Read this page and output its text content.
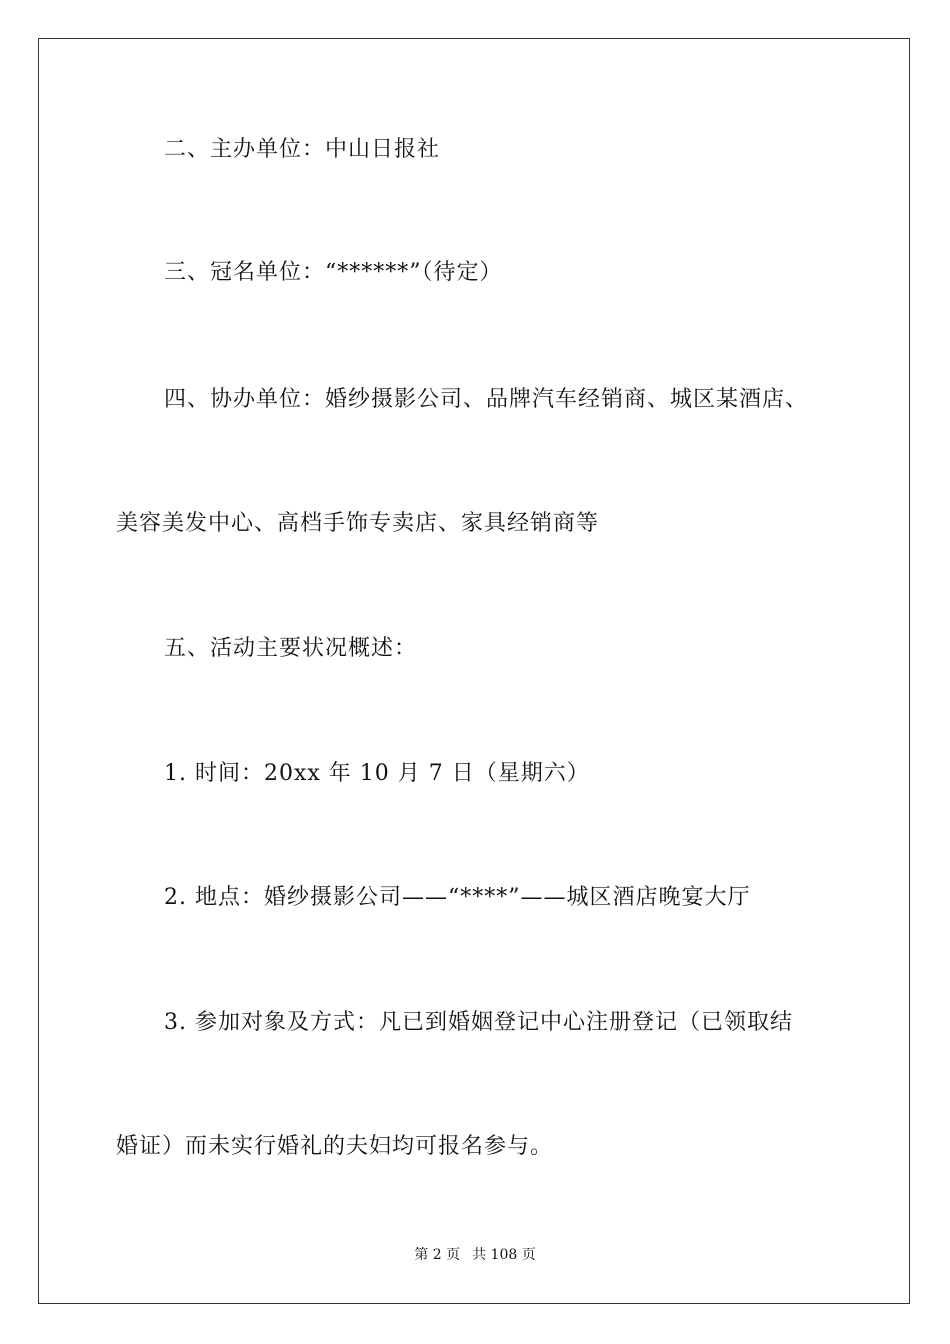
二、主办单位：中山日报社

三、冠名单位：“******”（待定）

四、协办单位：婚纱摄影公司、品牌汽车经销商、城区某酒店、

美容美发中心、高档手饰专卖店、家具经销商等

五、活动主要状况概述：

1. 时间：20xx 年 10 月 7 日（星期六）

2. 地点：婚纱摄影公司——“****”——城区酒店晚宴大厅

3. 参加对象及方式：凡已到婚姻登记中心注册登记（已领取结

婚证）而未实行婚礼的夫妇均可报名参与。

第 2 页 共 108 页
